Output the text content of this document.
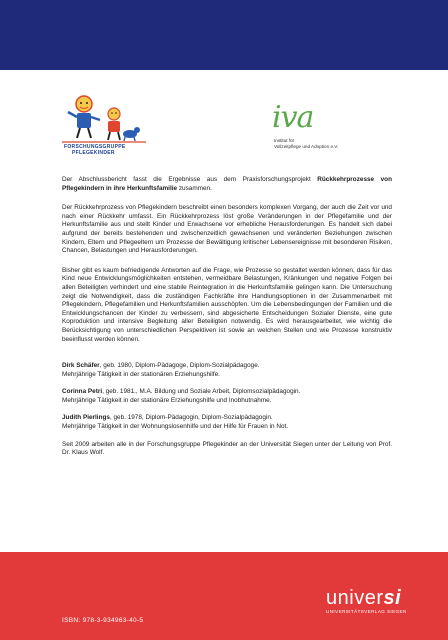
FORSCHUNGSGRUPPE
PFLEGEKINDER
iva
Institut für
Vollzeitpflege und Adoption e.V.

Der Abschlussbericht fasst die Ergebnisse aus dem Praxisforschungsprojekt Rückkehrprozesse von Pflegekindern in ihre Herkunftsfamilie zusammen.

Der Rückkehrprozess von Pflegekindern beschreibt einen besonders komplexen Vorgang, der auch die Zeit vor und nach einer Rückkehr umfasst. Ein Rückkehrprozess löst große Veränderungen in der Pflegefamilie und der Herkunftsfamilie aus und stellt Kinder und Erwachsene vor erhebliche Herausforderungen. Es handelt sich dabei aufgrund der bereits bestehenden und zwischenzeitlich gewachsenen und veränderten Beziehungen zwischen Kindern, Eltern und Pflegeeltern um Prozesse der Bewältigung kritischer Lebensereignisse mit besonderen Risiken, Chancen, Belastungen und Herausforderungen.

Bisher gibt es kaum befriedigende Antworten auf die Frage, wie Prozesse so gestaltet werden können, dass für das Kind neue Entwicklungsmöglichkeiten entstehen, vermeidbare Belastungen, Kränkungen und negative Folgen bei allen Beteiligten verhindert und eine stabile Reintegration in die Herkunftsfamilie gelingen kann. Die Untersuchung zeigt die Notwendigkeit, dass die zuständigen Fachkräfte ihre Handlungsoptionen in der Zusammenarbeit mit Pflegekindern, Pflegefamilien und Herkunftsfamilien ausschöpfen. Um die Lebensbedingungen der Familien und die Entwicklungschancen der Kinder zu verbessern, sind abgesicherte Entscheidungen Sozialer Dienste, eine gute Koproduktion und intensive Begleitung aller Beteiligten notwendig. Es wird herausgearbeitet, wie wichtig die Berücksichtigung von unterschiedlichen Perspektiven ist sowie an welchen Stellen und wie Prozesse konstruktiv beeinflusst werden können.

Dirk Schäfer, geb. 1980, Diplom-Pädagoge, Diplom-Sozialpädagoge.
Mehrjährige Tätigkeit in der stationären Erziehungshilfe.
Corinna Petri, geb. 1981., M.A. Bildung und Soziale Arbeit, Diplomsozialpädagogin.
Mehrjährige Tätigkeit in der stationäre Erziehungshilfe und Inobhutnahme.
Judith Pierlings, geb. 1978, Diplom-Pädagogin, Diplom-Sozialpädagogin.
Mehrjährige Tätigkeit in der Wohnungslosenhilfe und der Hilfe für Frauen in Not.

Seit 2009 arbeiten alle in der Forschungsgruppe Pflegekinder an der Universität Siegen unter der Leitung von Prof. Dr. Klaus Wolf.

ISBN: 978-3-934963-40-5
universi
UNIVERSITÄTSVERLAG SIEGEN
